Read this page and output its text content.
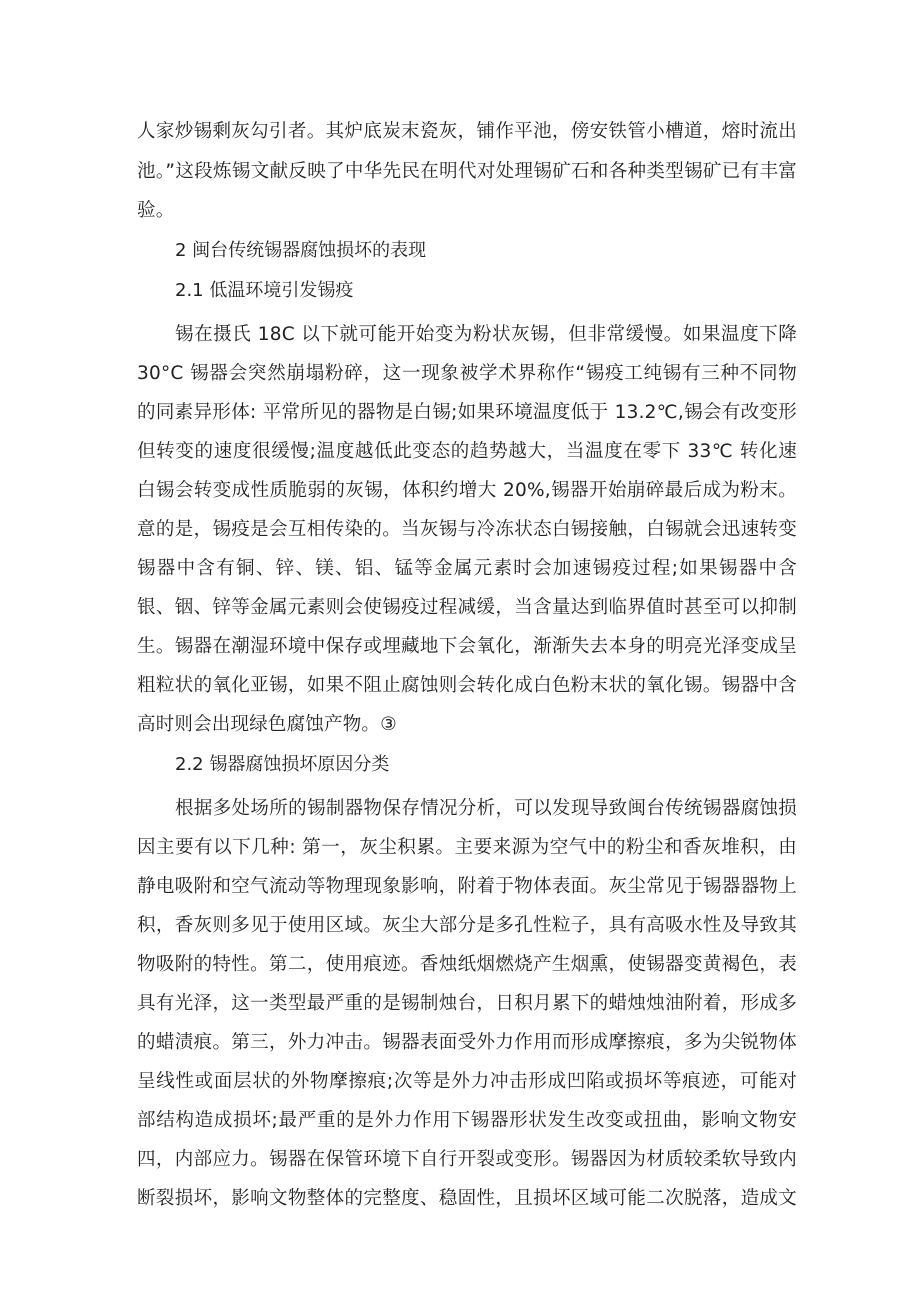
人家炒锡剩灰勾引者。其炉底炭末瓷灰，铺作平池，傍安铁管小槽道，熔时流出
池。”这段炼锡文献反映了中华先民在明代对处理锡矿石和各种类型锡矿已有丰富
验。
2 闽台传统锡器腐蚀损坏的表现
2.1 低温环境引发锡疫
锡在摄氏 18C 以下就可能开始变为粉状灰锡，但非常缓慢。如果温度下降
30°C 锡器会突然崩塌粉碎，这一现象被学术界称作“锡疫工纯锡有三种不同物
的同素异形体: 平常所见的器物是白锡;如果环境温度低于 13.2℃,锡会有改变形
但转变的速度很缓慢;温度越低此变态的趋势越大，当温度在零下 33℃ 转化速
白锡会转变成性质脆弱的灰锡，体积约增大 20%,锡器开始崩碎最后成为粉末。
意的是，锡疫是会互相传染的。当灰锡与冷冻状态白锡接触，白锡就会迅速转变
锡器中含有铜、锌、镁、铝、锰等金属元素时会加速锡疫过程;如果锡器中含
银、铟、锌等金属元素则会使锡疫过程减缓，当含量达到临界值时甚至可以抑制
生。锡器在潮湿环境中保存或埋藏地下会氧化，渐渐失去本身的明亮光泽变成呈
粗粒状的氧化亚锡，如果不阻止腐蚀则会转化成白色粉末状的氧化锡。锡器中含
高时则会出现绿色腐蚀产物。③
2.2 锡器腐蚀损坏原因分类
根据多处场所的锡制器物保存情况分析，可以发现导致闽台传统锡器腐蚀损
因主要有以下几种: 第一，灰尘积累。主要来源为空气中的粉尘和香灰堆积，由
静电吸附和空气流动等物理现象影响，附着于物体表面。灰尘常见于锡器器物上
积，香灰则多见于使用区域。灰尘大部分是多孔性粒子，具有高吸水性及导致其
物吸附的特性。第二，使用痕迹。香烛纸烟燃烧产生烟熏，使锡器变黄褐色，表
具有光泽，这一类型最严重的是锡制烛台，日积月累下的蜡烛烛油附着，形成多
的蜡渍痕。第三，外力冲击。锡器表面受外力作用而形成摩擦痕，多为尖锐物体
呈线性或面层状的外物摩擦痕;次等是外力冲击形成凹陷或损坏等痕迹，可能对
部结构造成损坏;最严重的是外力作用下锡器形状发生改变或扭曲，影响文物安
四，内部应力。锡器在保管环境下自行开裂或变形。锡器因为材质较柔软导致内
断裂损坏，影响文物整体的完整度、稳固性，且损坏区域可能二次脱落，造成文
